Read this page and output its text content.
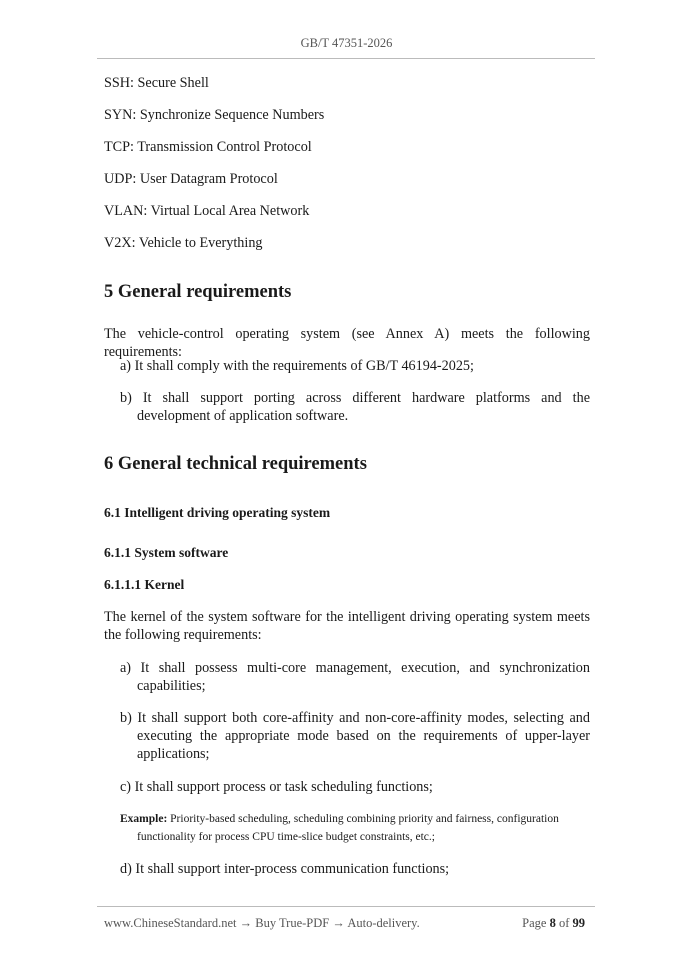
GB/T 47351-2026
SSH: Secure Shell
SYN: Synchronize Sequence Numbers
TCP: Transmission Control Protocol
UDP: User Datagram Protocol
VLAN: Virtual Local Area Network
V2X: Vehicle to Everything
5 General requirements
The vehicle-control operating system (see Annex A) meets the following requirements:
a) It shall comply with the requirements of GB/T 46194-2025;
b) It shall support porting across different hardware platforms and the development of application software.
6 General technical requirements
6.1 Intelligent driving operating system
6.1.1 System software
6.1.1.1 Kernel
The kernel of the system software for the intelligent driving operating system meets the following requirements:
a) It shall possess multi-core management, execution, and synchronization capabilities;
b) It shall support both core-affinity and non-core-affinity modes, selecting and executing the appropriate mode based on the requirements of upper-layer applications;
c) It shall support process or task scheduling functions;
Example: Priority-based scheduling, scheduling combining priority and fairness, configuration functionality for process CPU time-slice budget constraints, etc.;
d) It shall support inter-process communication functions;
www.ChineseStandard.net → Buy True-PDF → Auto-delivery.	Page 8 of 99
